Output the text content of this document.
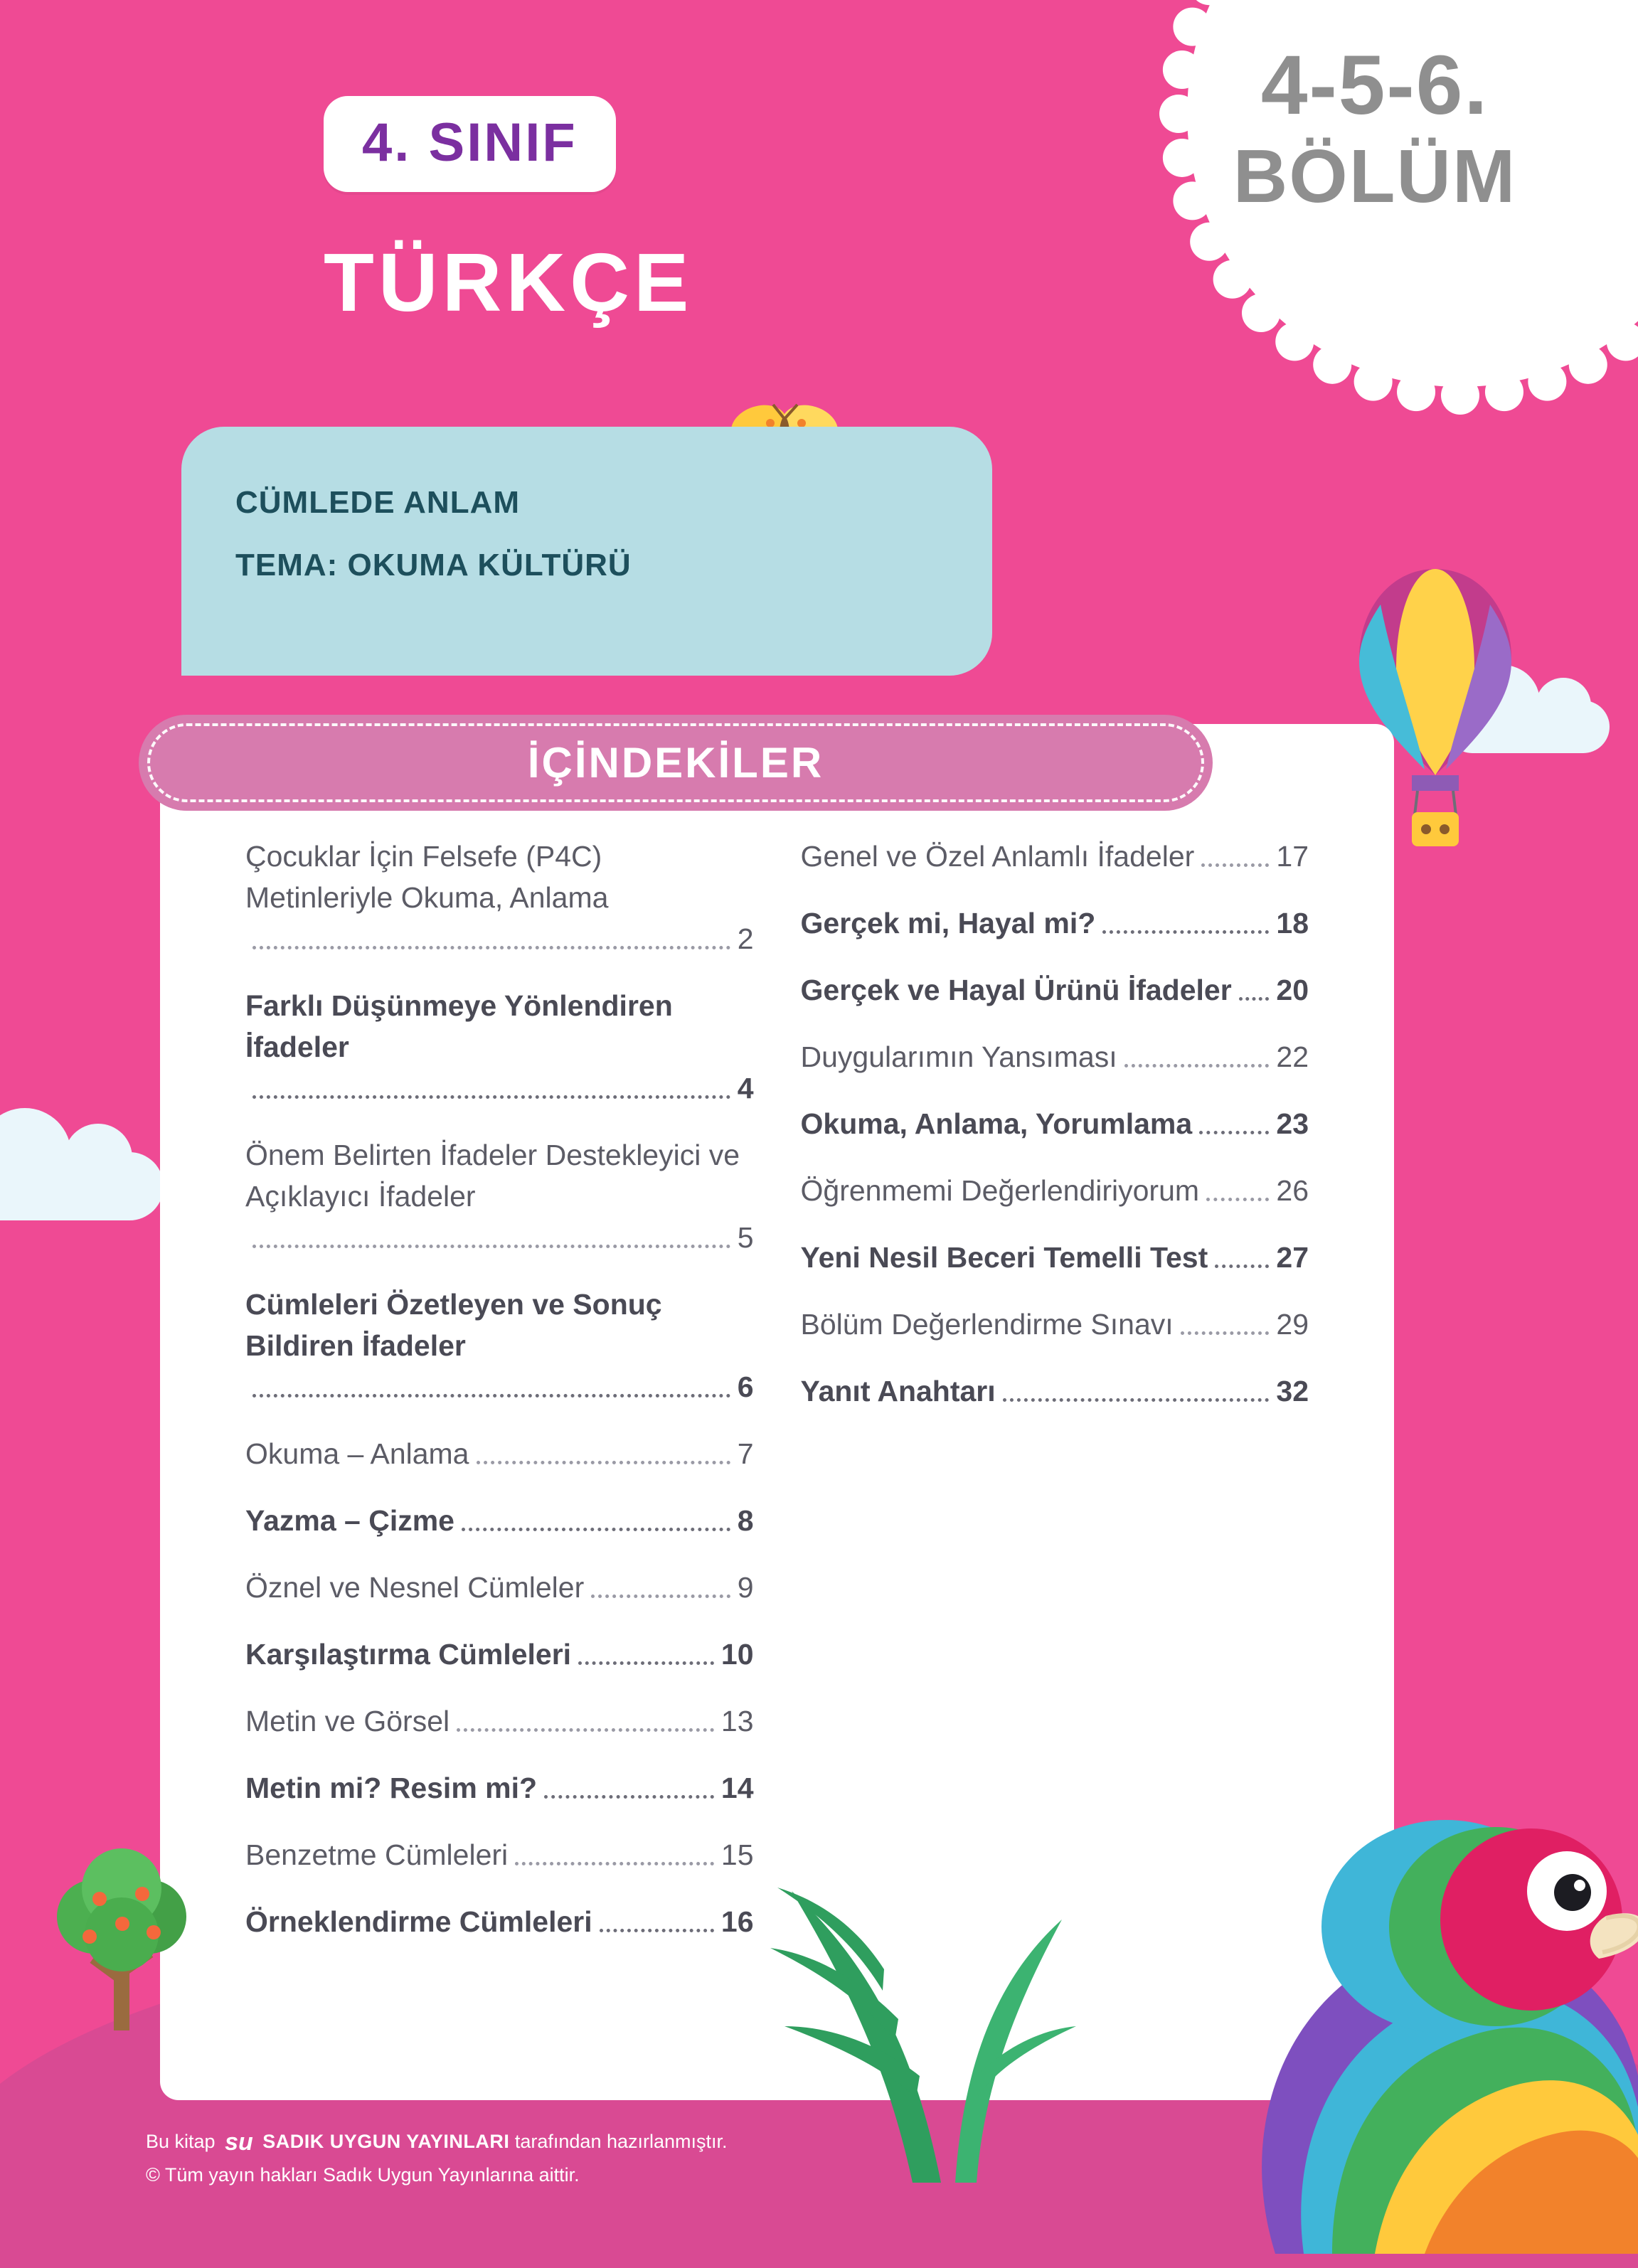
4-5-6.
BÖLÜM
4. SINIF
TÜRKÇE
CÜMLEDE ANLAM
TEMA: OKUMA KÜLTÜRÜ
İÇİNDEKİLER
Çocuklar İçin Felsefe (P4C) Metinleriyle Okuma, Anlama
2
Farklı Düşünmeye Yönlendiren İfadeler
4
Önem Belirten İfadeler Destekleyici ve Açıklayıcı İfadeler
5
Cümleleri Özetleyen ve Sonuç Bildiren İfadeler
6
Okuma – Anlama	7
Yazma – Çizme	8
Öznel ve Nesnel Cümleler	9
Karşılaştırma Cümleleri	10
Metin ve Görsel	13
Metin mi? Resim mi?	14
Benzetme Cümleleri	15
Örneklendirme Cümleleri	16
Genel ve Özel Anlamlı İfadeler	17
Gerçek mi, Hayal mi?	18
Gerçek ve Hayal Ürünü İfadeler 20
Duygularımın Yansıması	22
Okuma, Anlama, Yorumlama	23
Öğrenmemi Değerlendiriyorum	26
Yeni Nesil Beceri Temelli Test 27
Bölüm Değerlendirme Sınavı	29
Yanıt Anahtarı	32
Bu kitap su SADIK UYGUN YAYINLARI tarafından hazırlanmıştır.
© Tüm yayın hakları Sadık Uygun Yayınlarına aittir.
